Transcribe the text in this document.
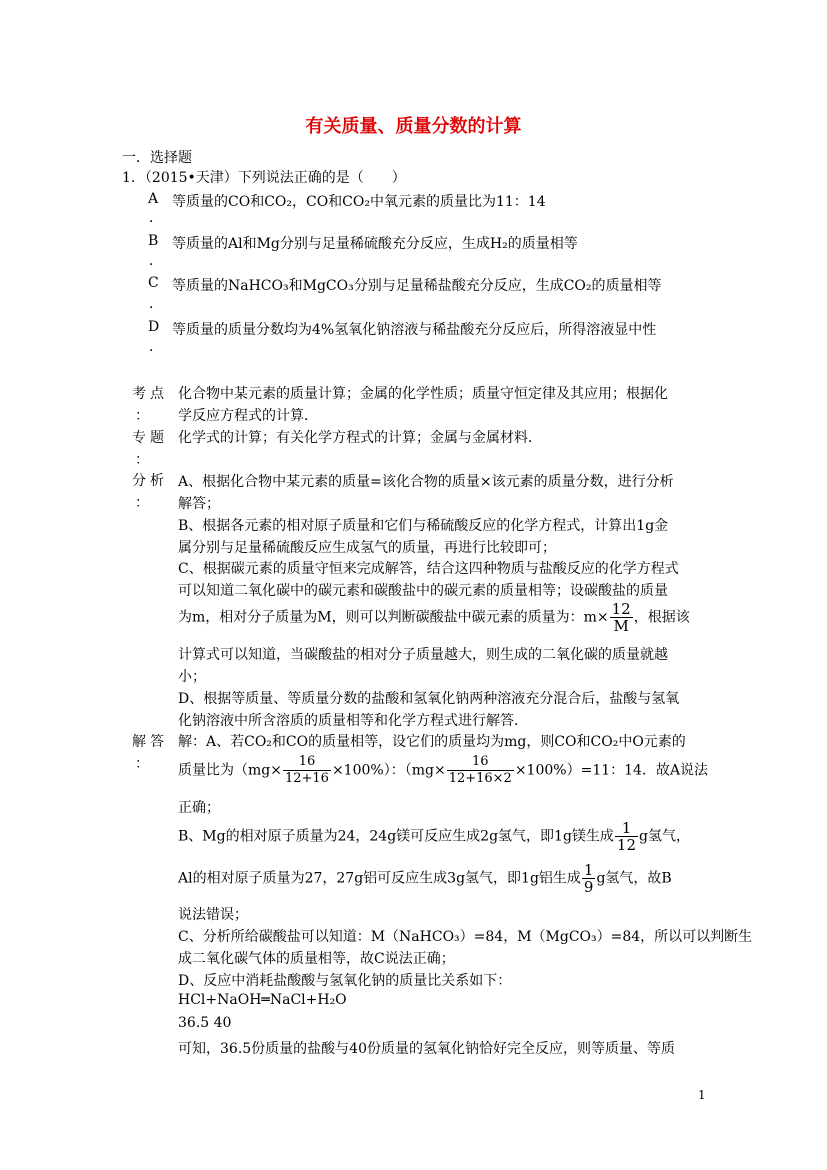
有关质量、质量分数的计算
一．选择题
1．（2015•天津）下列说法正确的是（　　）
A 等质量的CO和CO₂，CO和CO₂中氧元素的质量比为11：14
．
B 等质量的Al和Mg分别与足量稀硫酸充分反应，生成H₂的质量相等
．
C 等质量的NaHCO₃和MgCO₃分别与足量稀盐酸充分反应，生成CO₂的质量相等
．
D 等质量的质量分数均为4%氢氧化钠溶液与稀盐酸充分反应后，所得溶液显中性
．
考点
：
化合物中某元素的质量计算；金属的化学性质；质量守恒定律及其应用；根据化
学反应方程式的计算．
专题
：
化学式的计算；有关化学方程式的计算；金属与金属材料．
分析
：
A、根据化合物中某元素的质量=该化合物的质量×该元素的质量分数，进行分析
解答；
B、根据各元素的相对原子质量和它们与稀硫酸反应的化学方程式，计算出1g金
属分别与足量稀硫酸反应生成氢气的质量，再进行比较即可；
C、根据碳元素的质量守恒来完成解答，结合这四种物质与盐酸反应的化学方程式
可以知道二氧化碳中的碳元素和碳酸盐中的碳元素的质量相等；设碳酸盐的质量
为m，相对分子质量为M，则可以判断碳酸盐中碳元素的质量为：$m\times \frac{12}{M}$ ，根据该
计算式可以知道，当碳酸盐的相对分子质量越大，则生成的二氧化碳的质量就越
小；
D、根据等质量、等质量分数的盐酸和氢氧化钠两种溶液充分混合后，盐酸与氢氧
化钠溶液中所含溶质的质量相等和化学方程式进行解答．
解答
：
解：A、若CO₂和CO的质量相等，设它们的质量均为mg，则CO和CO₂中O元素的
质量比为$(mg\times \frac{16}{12+16} \times 100\%)$：$(mg\times \frac{16}{12+16\times 2} \times 100\%)=11$：14．故A说法
正确；
B、Mg的相对原子质量为24，24g镁可反应生成2g氢气，即1g镁生成 $\frac{1}{12}$ g氢气，
Al的相对原子质量为27，27g铝可反应生成3g氢气，即1g铝生成 $\frac{1}{9}$ g氢气，故B
说法错误；
C、分析所给碳酸盐可以知道：M（NaHCO₃）=84，M（MgCO₃）=84，所以可以判断生
成二氧化碳气体的质量相等，故C说法正确；
D、反应中消耗盐酸酸与氢氧化钠的质量比关系如下：
HCl+NaOH═NaCl+H₂O
36.5 40
可知，36.5份质量的盐酸与40份质量的氢氧化钠恰好完全反应，则等质量、等质
1
